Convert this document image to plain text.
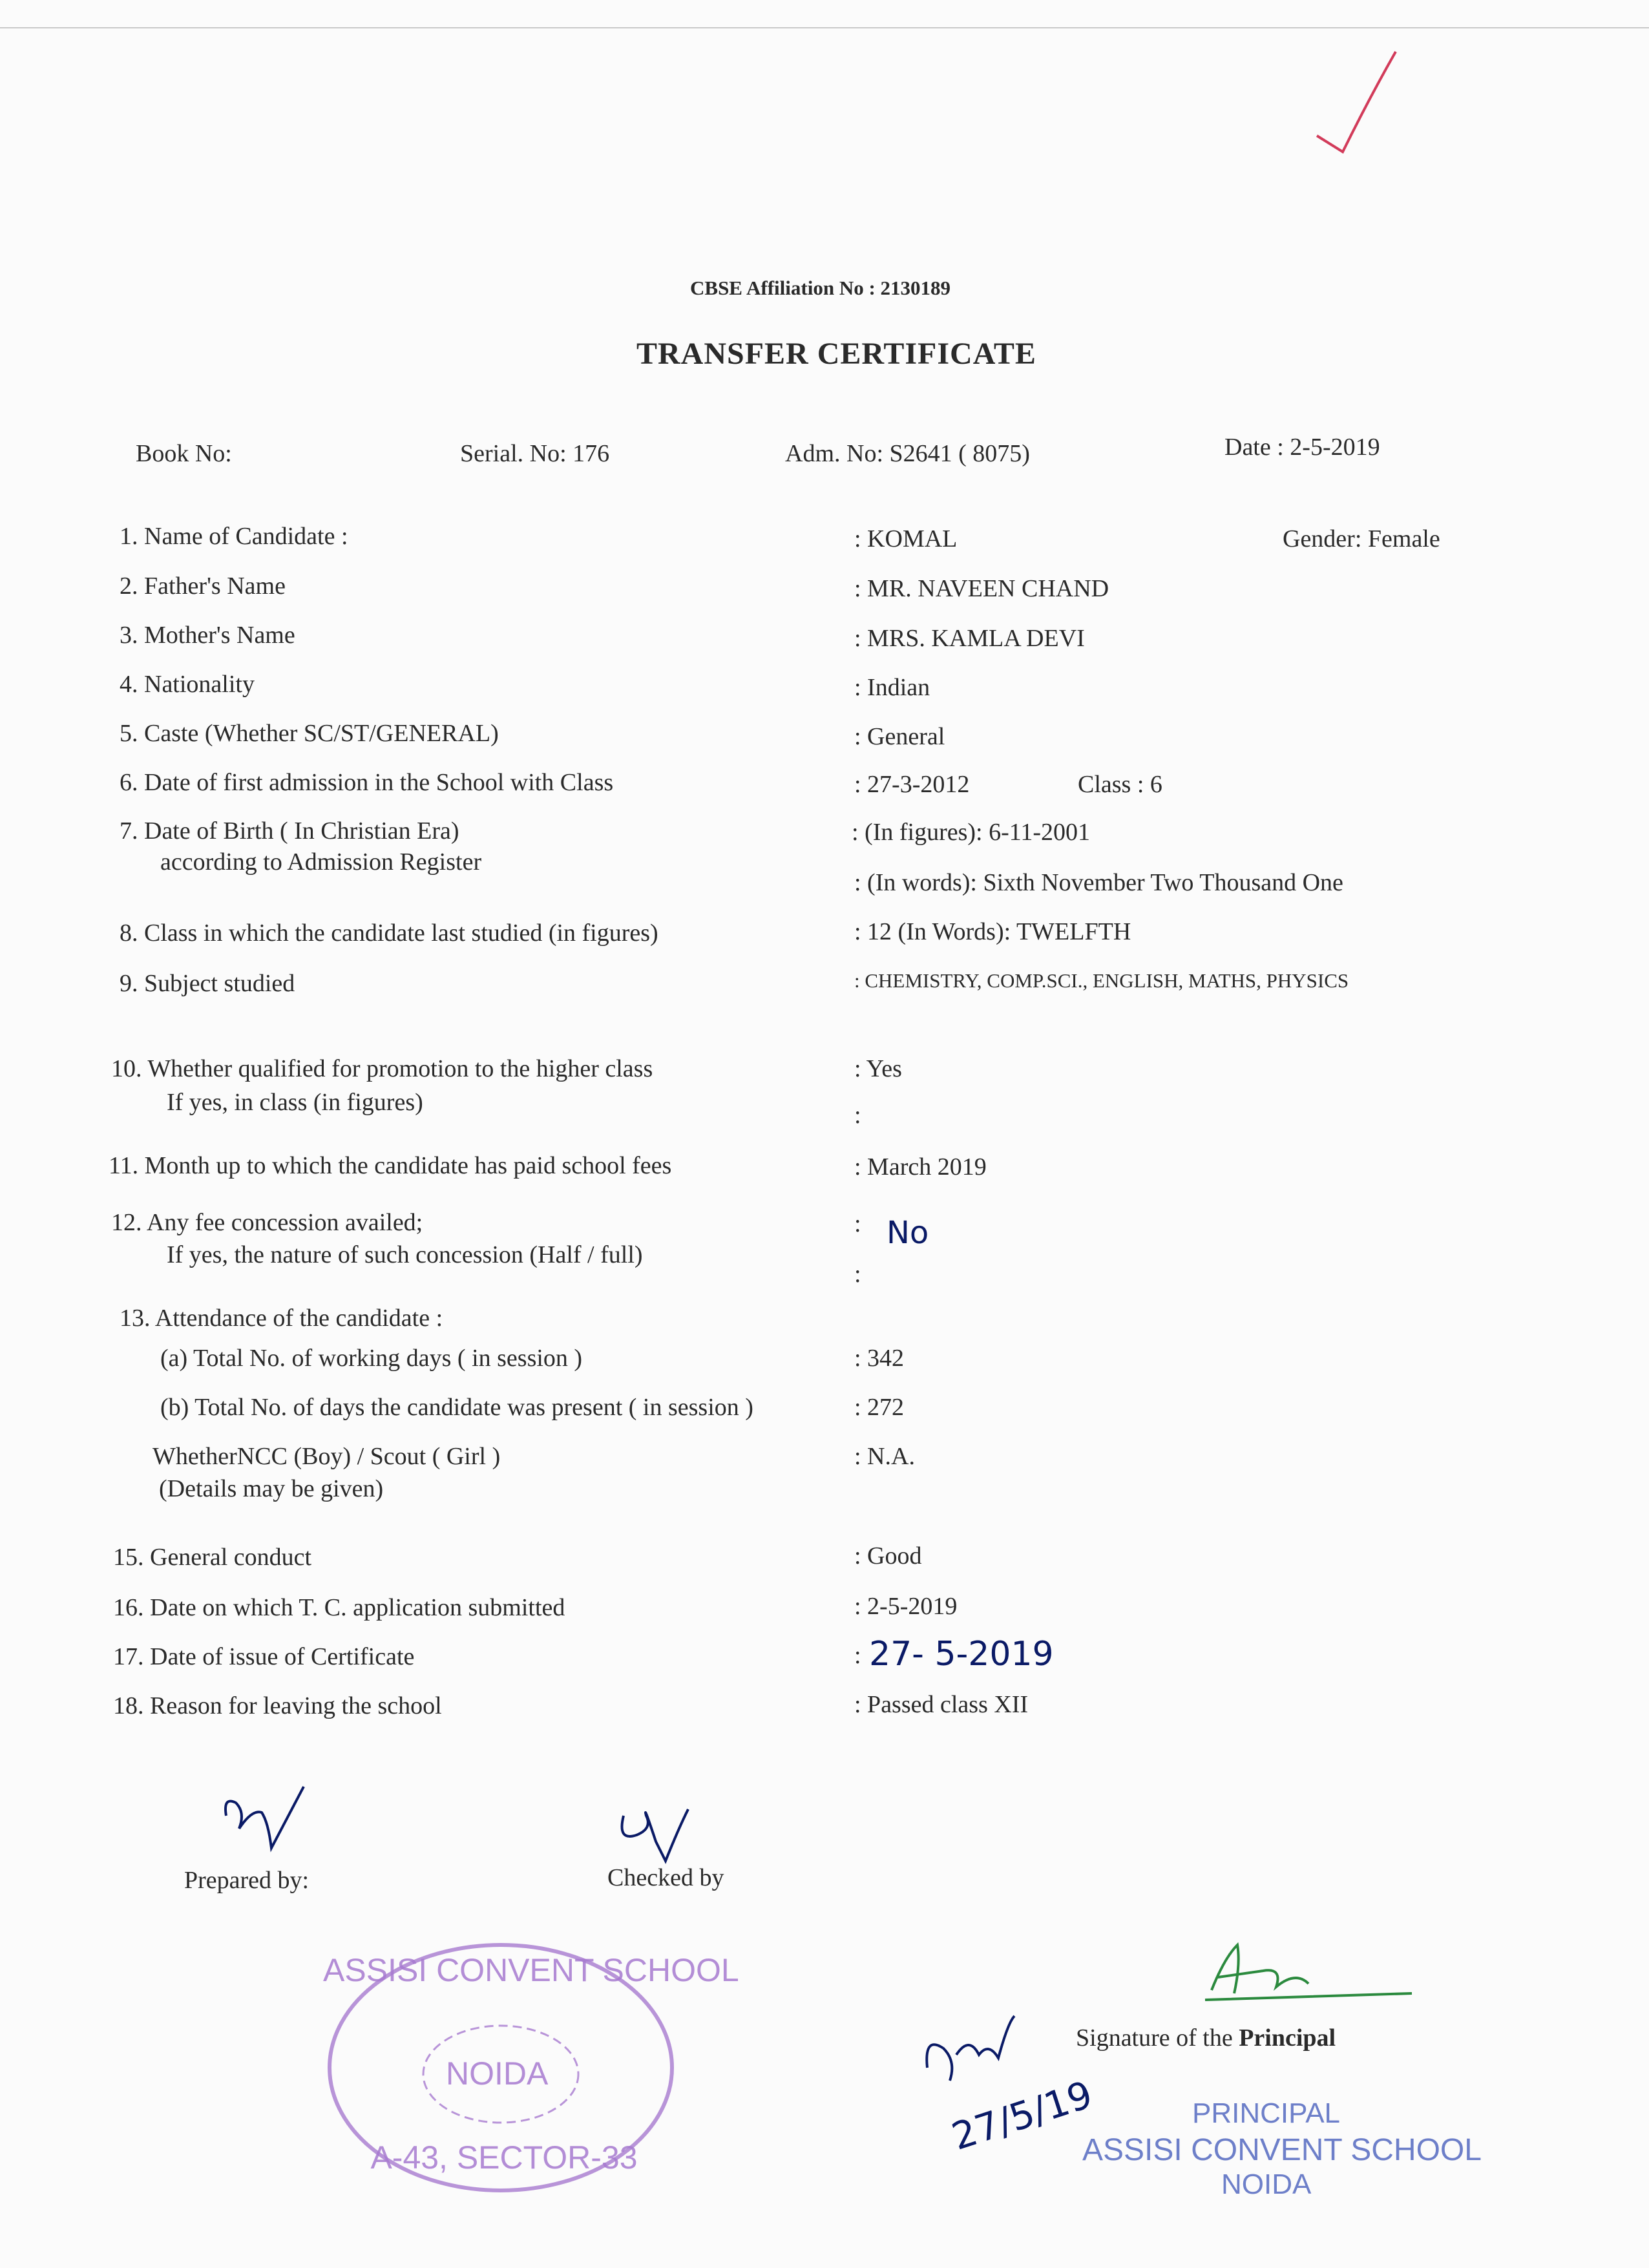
CBSE Affiliation No : 2130189
TRANSFER CERTIFICATE
Book No:	Serial. No: 176	Adm. No: S2641 ( 8075)	Date : 2-5-2019
1. Name of Candidate :	: KOMAL	Gender: Female
2. Father's Name	: MR. NAVEEN CHAND
3. Mother's Name	: MRS. KAMLA DEVI
4. Nationality	: Indian
5. Caste (Whether SC/ST/GENERAL)	: General
6. Date of first admission in the School with Class	: 27-3-2012	Class : 6
7. Date of Birth ( In Christian Era)
according to Admission Register
: (In figures): 6-11-2001
: (In words): Sixth November Two Thousand One
8. Class in which the candidate last studied (in figures)	: 12 (In Words): TWELFTH
9. Subject studied	: CHEMISTRY, COMP.SCI., ENGLISH, MATHS, PHYSICS
10. Whether qualified for promotion to the higher class
If yes, in class (in figures)
: Yes
:
11. Month up to which the candidate has paid school fees	: March 2019
12. Any fee concession availed;
If yes, the nature of such concession (Half / full)
: No
:
13. Attendance of the candidate :
(a) Total No. of working days ( in session )	: 342
(b) Total No. of days the candidate was present ( in session )	: 272
WhetherNCC (Boy) / Scout ( Girl )
(Details may be given)
: N.A.
15. General conduct	: Good
16. Date on which T. C. application submitted	: 2-5-2019
17. Date of issue of Certificate	: 27- 5-2019
18. Reason for leaving the school	: Passed class XII
Prepared by:	Checked by
Signature of the Principal
27/5/19
ASSISI CONVENT SCHOOL
NOIDA
A-43, SECTOR-33
PRINCIPAL
ASSISI CONVENT SCHOOL
NOIDA
